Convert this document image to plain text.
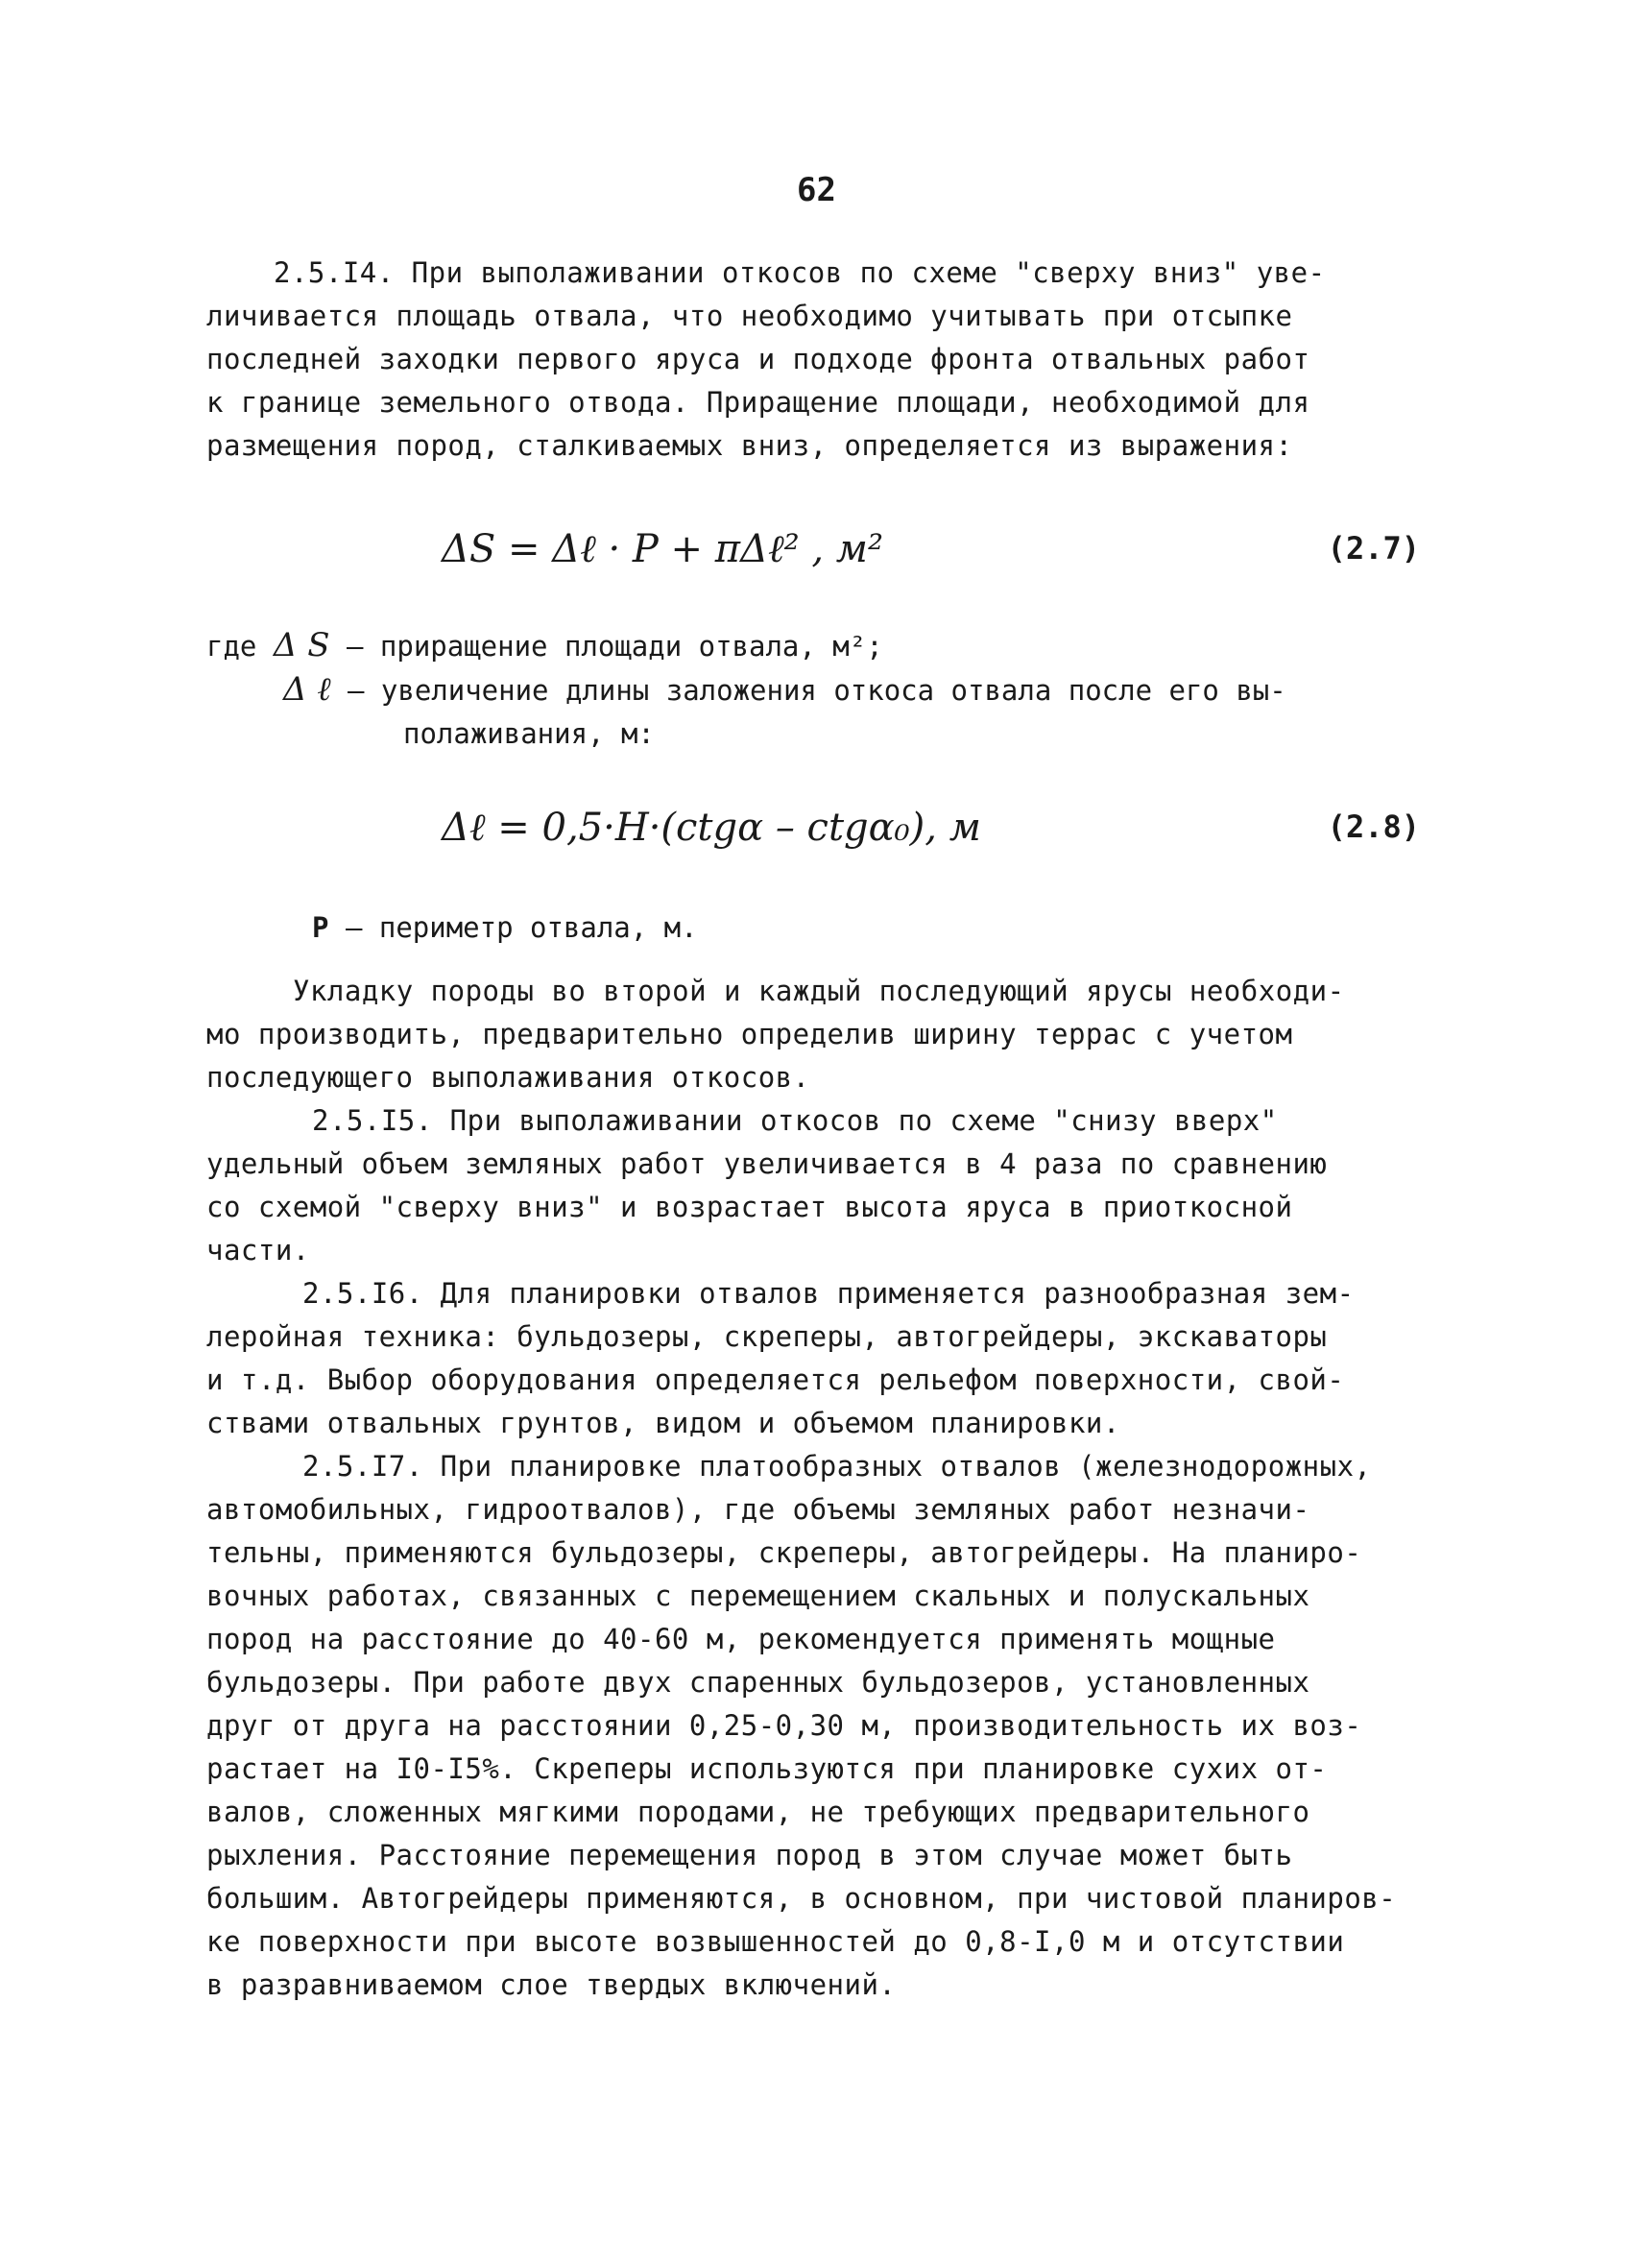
62
2.5.I4. При выполаживании откосов по схеме "сверху вниз" уве-
личивается площадь отвала, что необходимо учитывать при отсыпке
последней заходки первого яруса и подходе фронта отвальных работ
к границе земельного отвода. Приращение площади, необходимой для
размещения пород, сталкиваемых вниз, определяется из выражения:
ΔS = Δℓ · P + πΔℓ² , м²	(2.7)
где Δ S – приращение площади отвала, м²;
Δ ℓ – увеличение длины заложения откоса отвала после его вы-
полаживания, м:
Δℓ = 0,5·H·(ctgα – ctgα₀), м	(2.8)
P – периметр отвала, м.
Укладку породы во второй и каждый последующий ярусы необходи-
мо производить, предварительно определив ширину террас с учетом
последующего выполаживания откосов.
2.5.I5. При выполаживании откосов по схеме "снизу вверх"
удельный объем земляных работ увеличивается в 4 раза по сравнению
со схемой "сверху вниз" и возрастает высота яруса в приоткосной
части.
2.5.I6. Для планировки отвалов применяется разнообразная зем-
леройная техника: бульдозеры, скреперы, автогрейдеры, экскаваторы
и т.д. Выбор оборудования определяется рельефом поверхности, свой-
ствами отвальных грунтов, видом и объемом планировки.
2.5.I7. При планировке платообразных отвалов (железнодорожных,
автомобильных, гидроотвалов), где объемы земляных работ незначи-
тельны, применяются бульдозеры, скреперы, автогрейдеры. На планиро-
вочных работах, связанных с перемещением скальных и полускальных
пород на расстояние до 40-60 м, рекомендуется применять мощные
бульдозеры. При работе двух спаренных бульдозеров, установленных
друг от друга на расстоянии 0,25-0,30 м, производительность их воз-
растает на I0-I5%. Скреперы используются при планировке сухих от-
валов, сложенных мягкими породами, не требующих предварительного
рыхления. Расстояние перемещения пород в этом случае может быть
большим. Автогрейдеры применяются, в основном, при чистовой планиров-
ке поверхности при высоте возвышенностей до 0,8-I,0 м и отсутствии
в разравниваемом слое твердых включений.
